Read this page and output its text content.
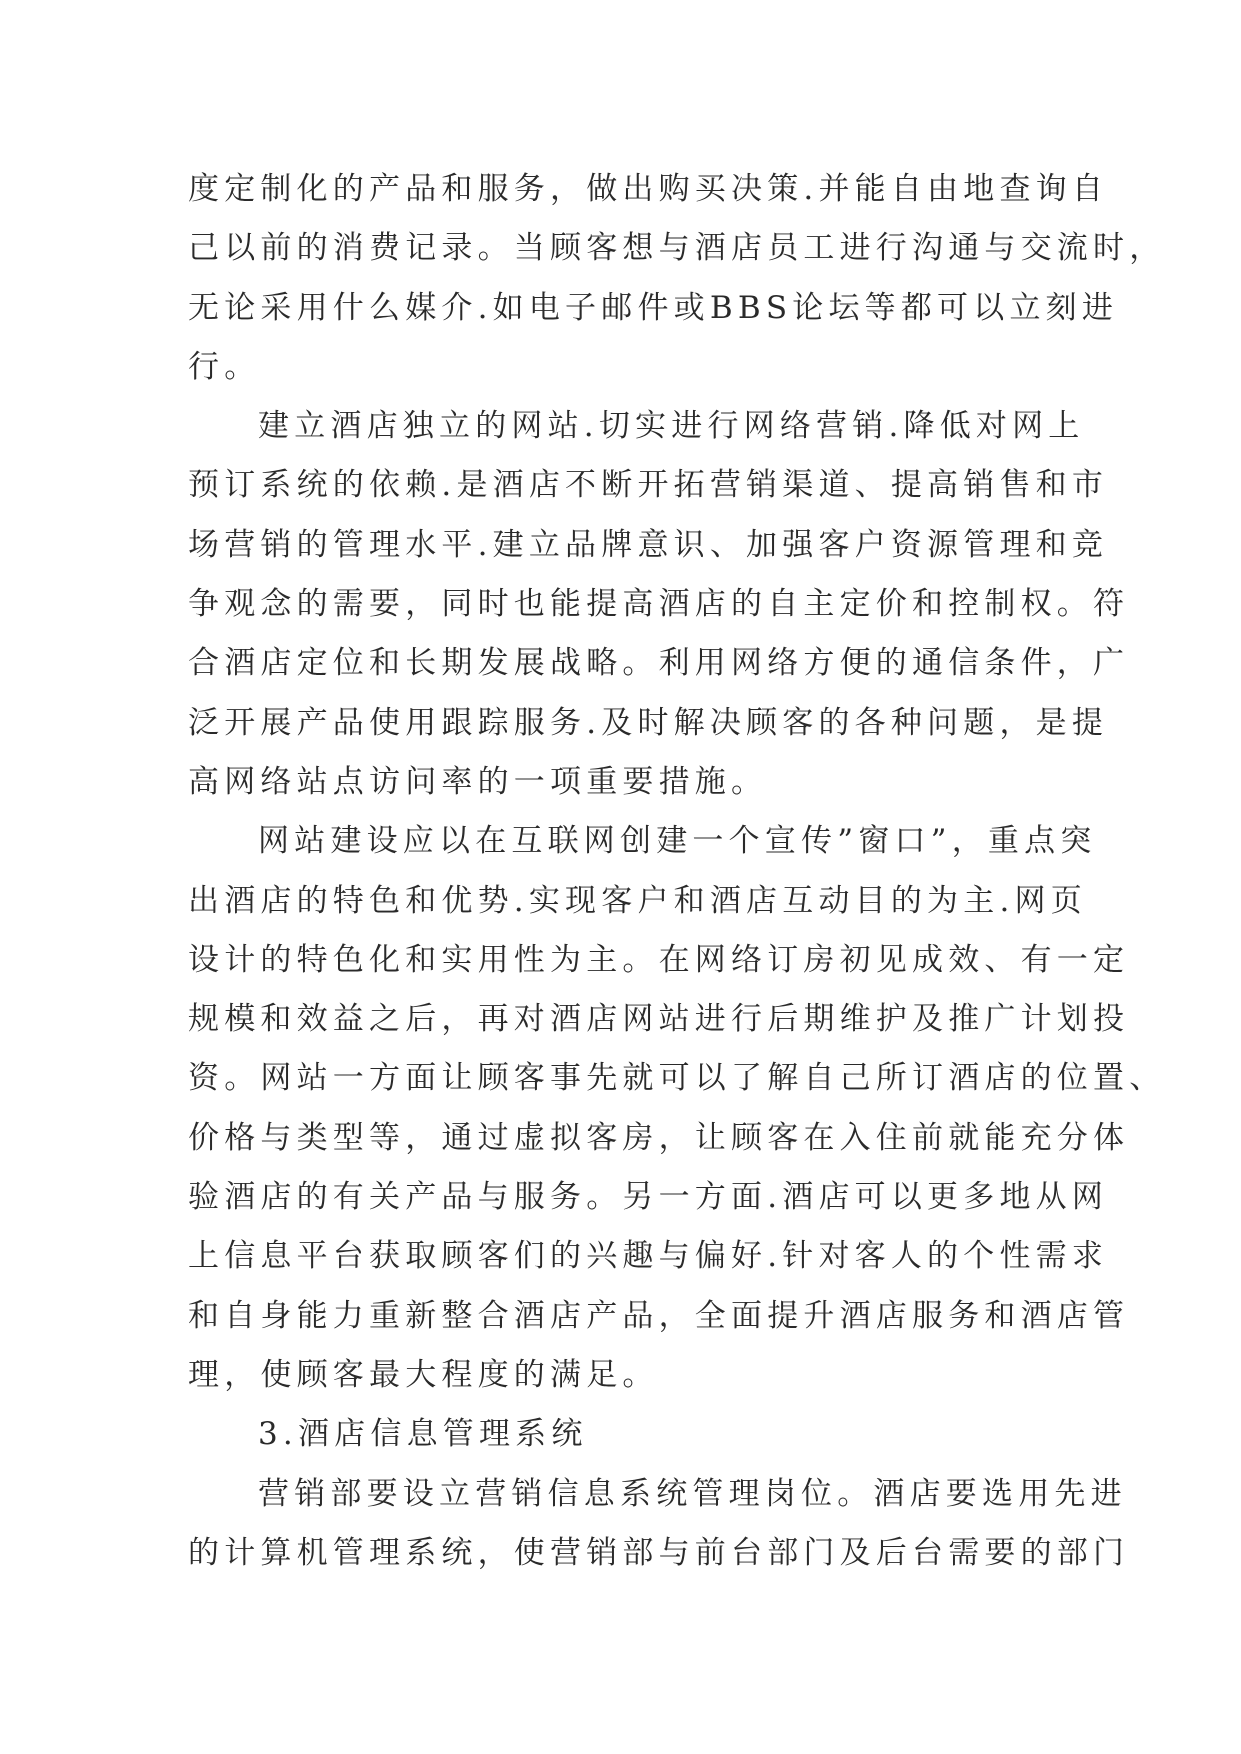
度定制化的产品和服务，做出购买决策.并能自由地查询自
己以前的消费记录。当顾客想与酒店员工进行沟通与交流时，
无论采用什么媒介.如电子邮件或BBS论坛等都可以立刻进
行。
建立酒店独立的网站.切实进行网络营销.降低对网上
预订系统的依赖.是酒店不断开拓营销渠道、提高销售和市
场营销的管理水平.建立品牌意识、加强客户资源管理和竞
争观念的需要，同时也能提高酒店的自主定价和控制权。符
合酒店定位和长期发展战略。利用网络方便的通信条件，广
泛开展产品使用跟踪服务.及时解决顾客的各种问题，是提
高网络站点访问率的一项重要措施。
网站建设应以在互联网创建一个宣传”窗口”，重点突
出酒店的特色和优势.实现客户和酒店互动目的为主.网页
设计的特色化和实用性为主。在网络订房初见成效、有一定
规模和效益之后，再对酒店网站进行后期维护及推广计划投
资。网站一方面让顾客事先就可以了解自己所订酒店的位置、
价格与类型等，通过虚拟客房，让顾客在入住前就能充分体
验酒店的有关产品与服务。另一方面.酒店可以更多地从网
上信息平台获取顾客们的兴趣与偏好.针对客人的个性需求
和自身能力重新整合酒店产品，全面提升酒店服务和酒店管
理，使顾客最大程度的满足。
3.酒店信息管理系统
营销部要设立营销信息系统管理岗位。酒店要选用先进
的计算机管理系统，使营销部与前台部门及后台需要的部门
